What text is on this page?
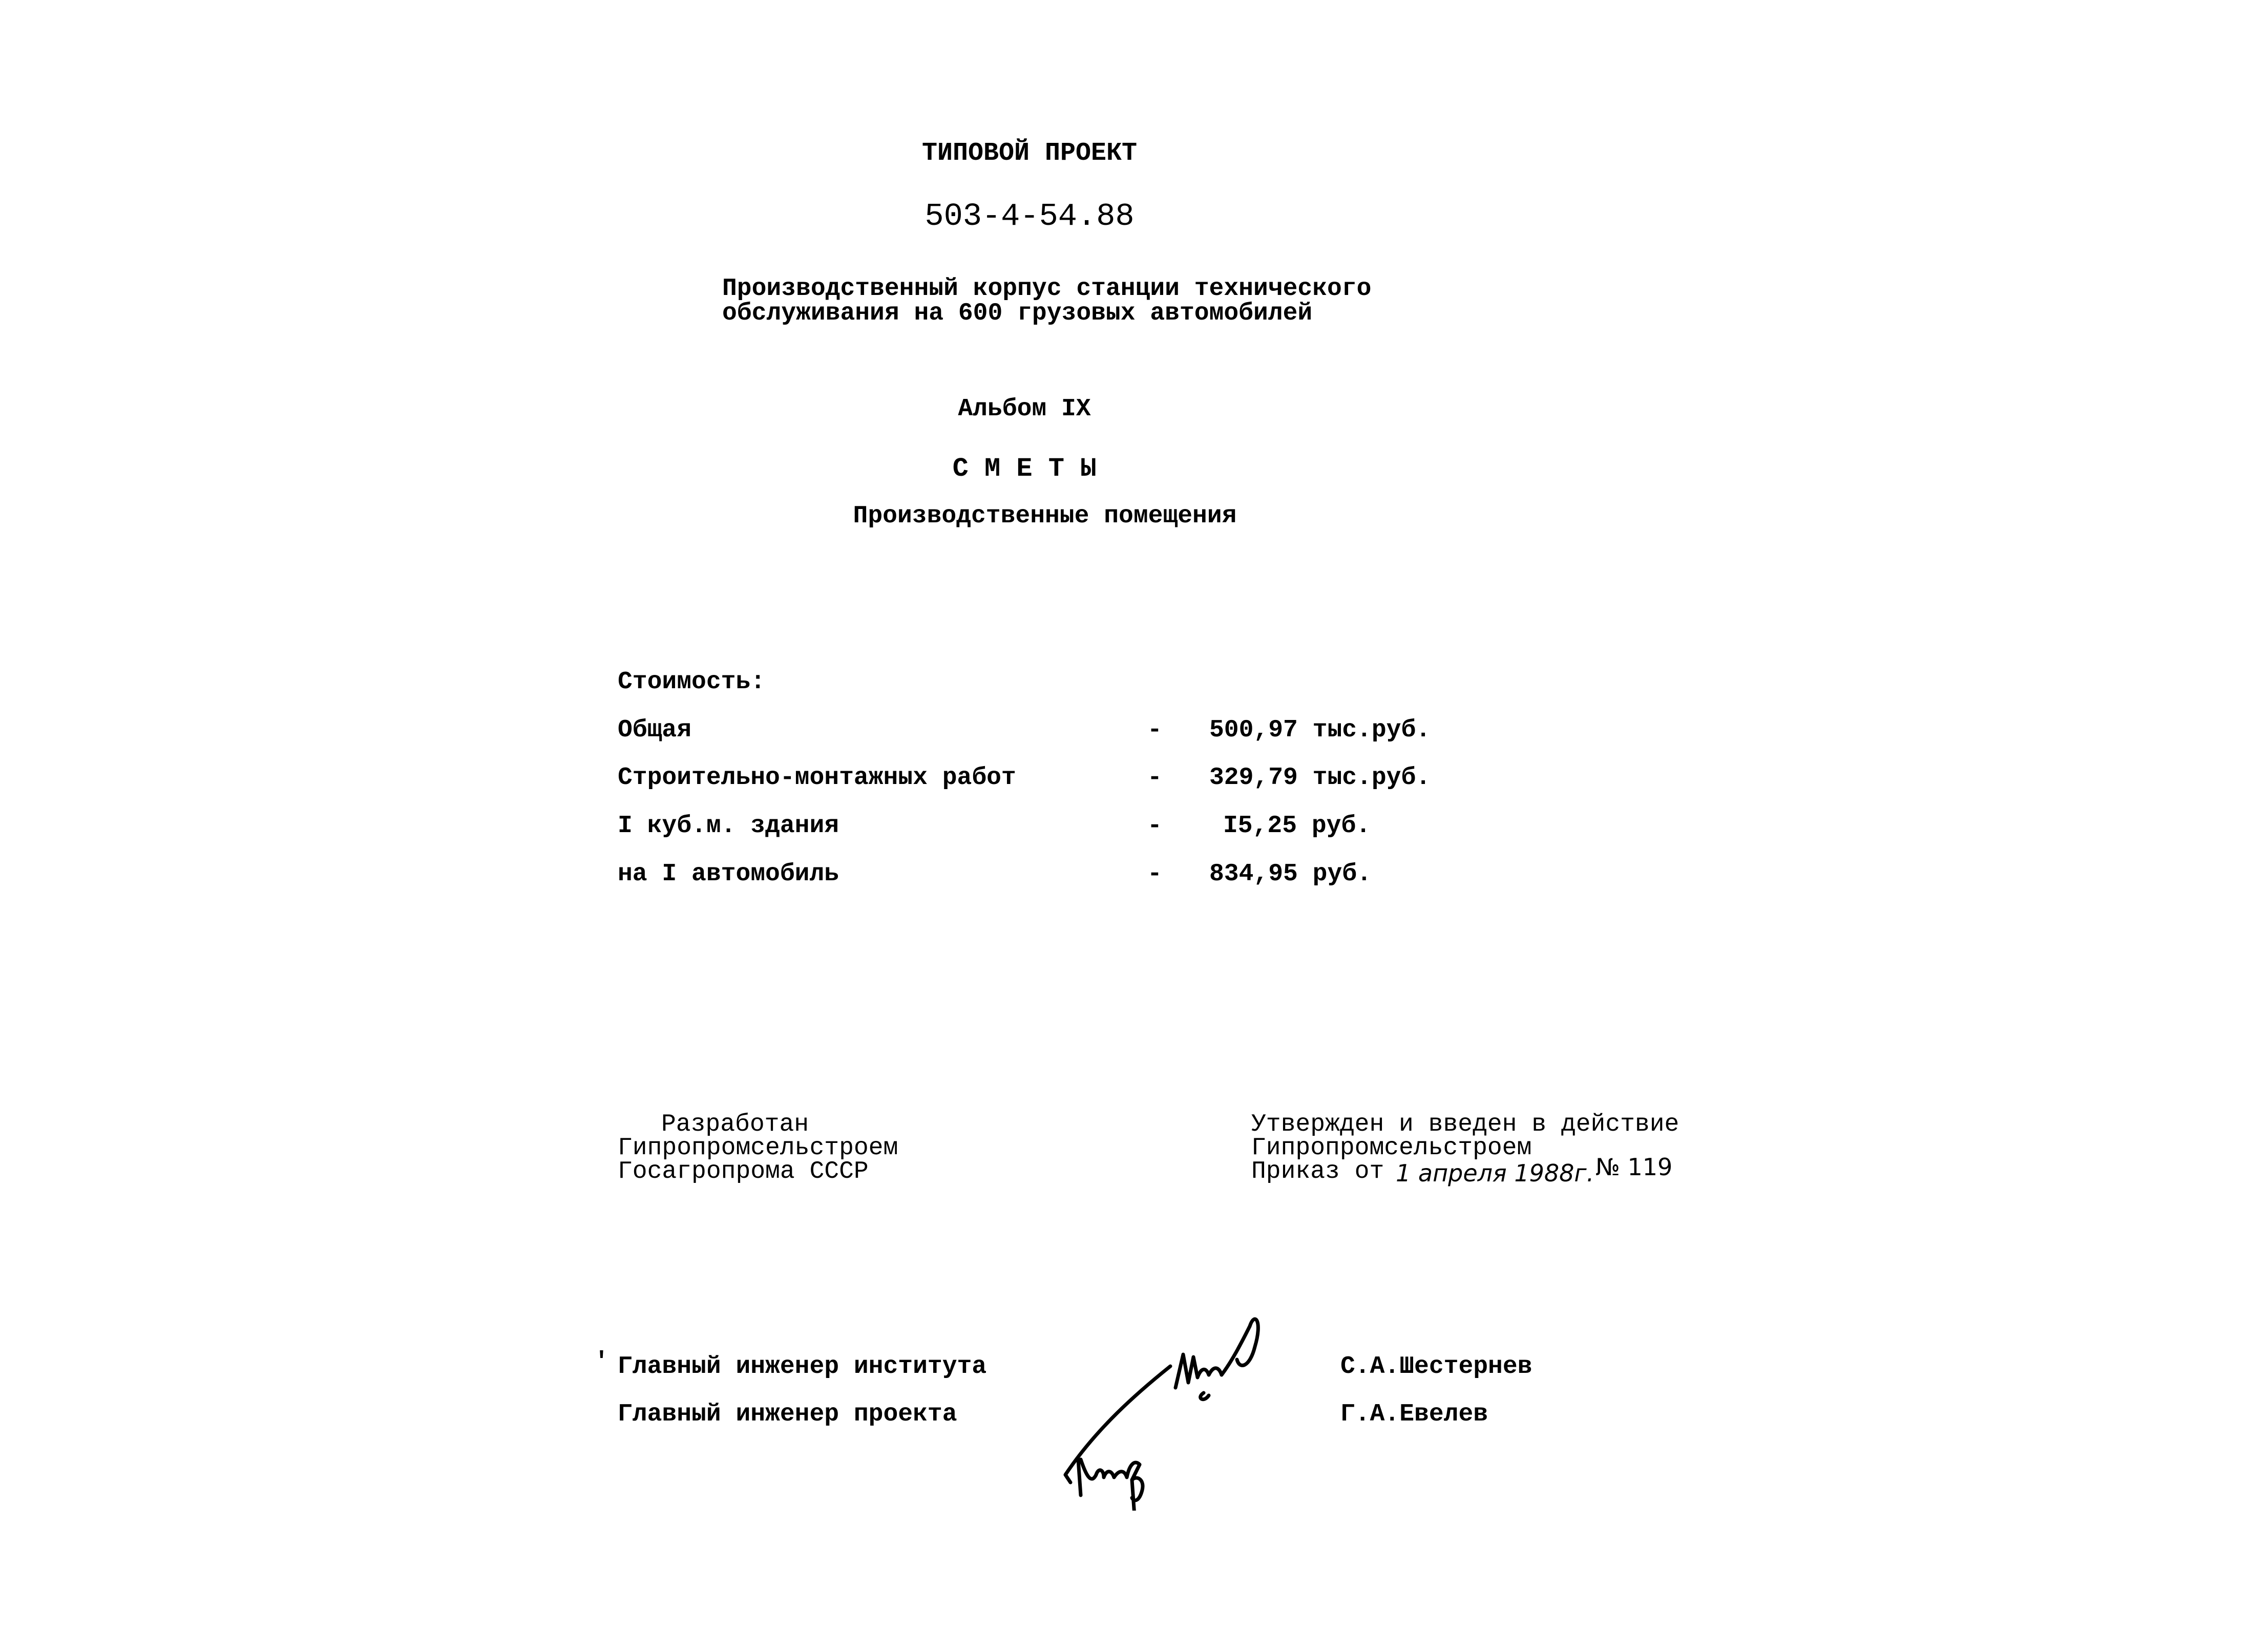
ТИПОВОЙ ПРОЕКТ
503-4-54.88
Производственный корпус станции технического
обслуживания на 600 грузовых автомобилей
Альбом IX
С М Е Т Ы
Производственные помещения
Стоимость:
Общая	- 500,97 тыс.руб.
Строительно-монтажных работ	- 329,79 тыс.руб.
I куб.м. здания	- I5,25 руб.
на I автомобиль	- 834,95 руб.
Разработан
Гипропромсельстроем
Госагропрома СССР
Утвержден и введен в действие
Гипропромсельстроем
Приказ от 1 апреля 1988г. № 119
' Главный инженер института	С.А.Шестернев
Главный инженер проекта	Г.А.Евелев
